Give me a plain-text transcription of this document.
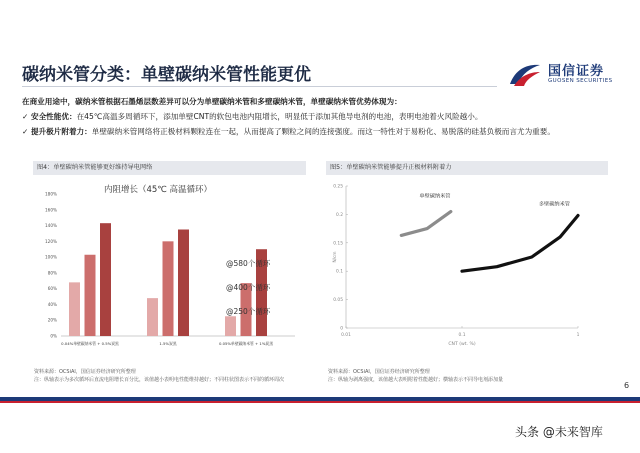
碳纳米管分类：单壁碳纳米管性能更优	国信证券
GUOSEN SECURITIES
在商业用途中，碳纳米管根据石墨烯层数差异可以分为单壁碳纳米管和多壁碳纳米管，单壁碳纳米管优势体现为：
✓ 安全性能优：在45℃高温多周循环下，添加单壁CNT的软包电池内阻增长，明显低于添加其他导电剂的电池，表明电池着火风险越小。
✓ 提升极片附着力：单壁碳纳米管网络将正极材料颗粒连在一起，从而提高了颗粒之间的连接强度。而这一特性对于易粉化、易脱落的硅基负极而言尤为重要。
图4：单壁碳纳米管能够更好维持导电网络	图5：单壁碳纳米管能够提升正极材料附着力
内阻增长（45℃ 高温循环）
0%
20%
40%
60%
80%
100%
120%
140%
160%
180%
0.04%单壁碳纳米管 + 0.5%炭黑	1.5%炭黑	0.05%单壁碳纳米管 + 1%炭黑
@580个循环
@400个循环
@250个循环
0
0.05
0.1
0.15
0.2
0.25
0.01	0.1	1
CNT (wt. %)
N/cm
单壁碳纳米管
多壁碳纳米管
资料来源：OCSiAl，国信证券经济研究所整理
注：纵轴表示为多次循环后直流电阻增长百分比，该值越小表明电性能维持越好；不同柱状图表示不同的循环周次
资料来源：OCSiAl，国信证券经济研究所整理
注：纵轴为剥离强度，该值越大表明附着性能越好；横轴表示不同导电剂添加量
6
头条 @未来智库
